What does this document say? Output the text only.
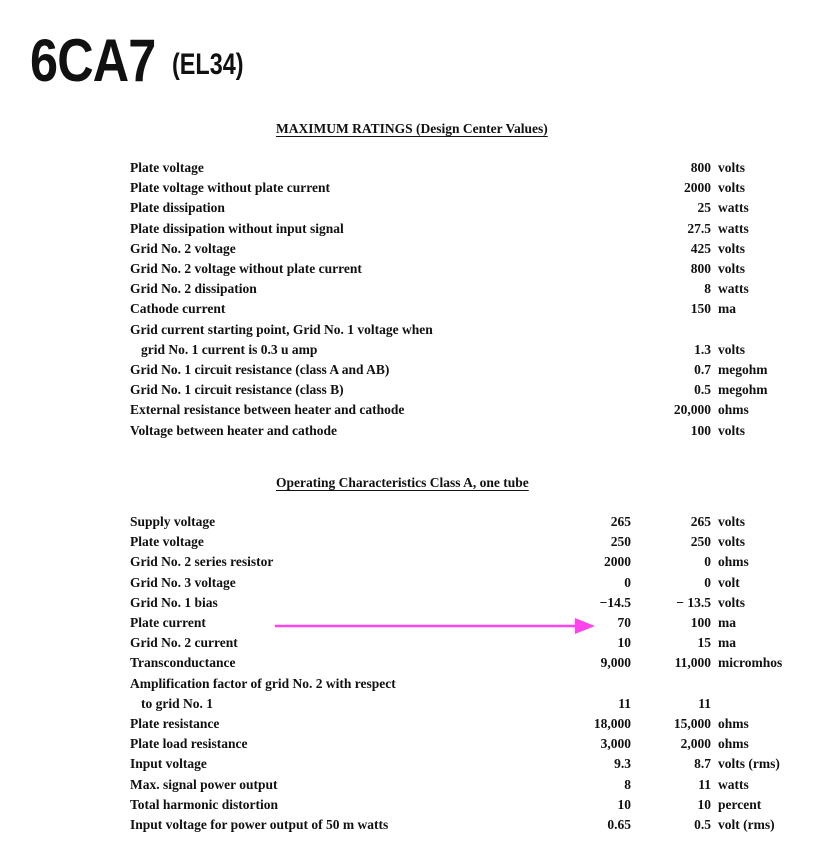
6CA7 (EL34)
MAXIMUM RATINGS (Design Center Values)
Plate voltage	800 volts
Plate voltage without plate current	2000 volts
Plate dissipation	25 watts
Plate dissipation without input signal	27.5 watts
Grid No. 2 voltage	425 volts
Grid No. 2 voltage without plate current	800 volts
Grid No. 2 dissipation	8 watts
Cathode current	150 ma
Grid current starting point, Grid No. 1 voltage when
grid No. 1 current is 0.3 u amp	1.3 volts
Grid No. 1 circuit resistance (class A and AB)	0.7 megohm
Grid No. 1 circuit resistance (class B)	0.5 megohm
External resistance between heater and cathode	20,000 ohms
Voltage between heater and cathode	100 volts
Operating Characteristics Class A, one tube
Supply voltage	265	265 volts
Plate voltage	250	250 volts
Grid No. 2 series resistor	2000	0 ohms
Grid No. 3 voltage	0	0 volt
Grid No. 1 bias	−14.5	− 13.5 volts
Plate current	70	100 ma
Grid No. 2 current	10	15 ma
Transconductance	9,000	11,000 micromhos
Amplification factor of grid No. 2 with respect
to grid No. 1	11	11
Plate resistance	18,000	15,000 ohms
Plate load resistance	3,000	2,000 ohms
Input voltage	9.3	8.7 volts (rms)
Max. signal power output	8	11 watts
Total harmonic distortion	10	10 percent
Input voltage for power output of 50 m watts	0.65	0.5 volt (rms)
